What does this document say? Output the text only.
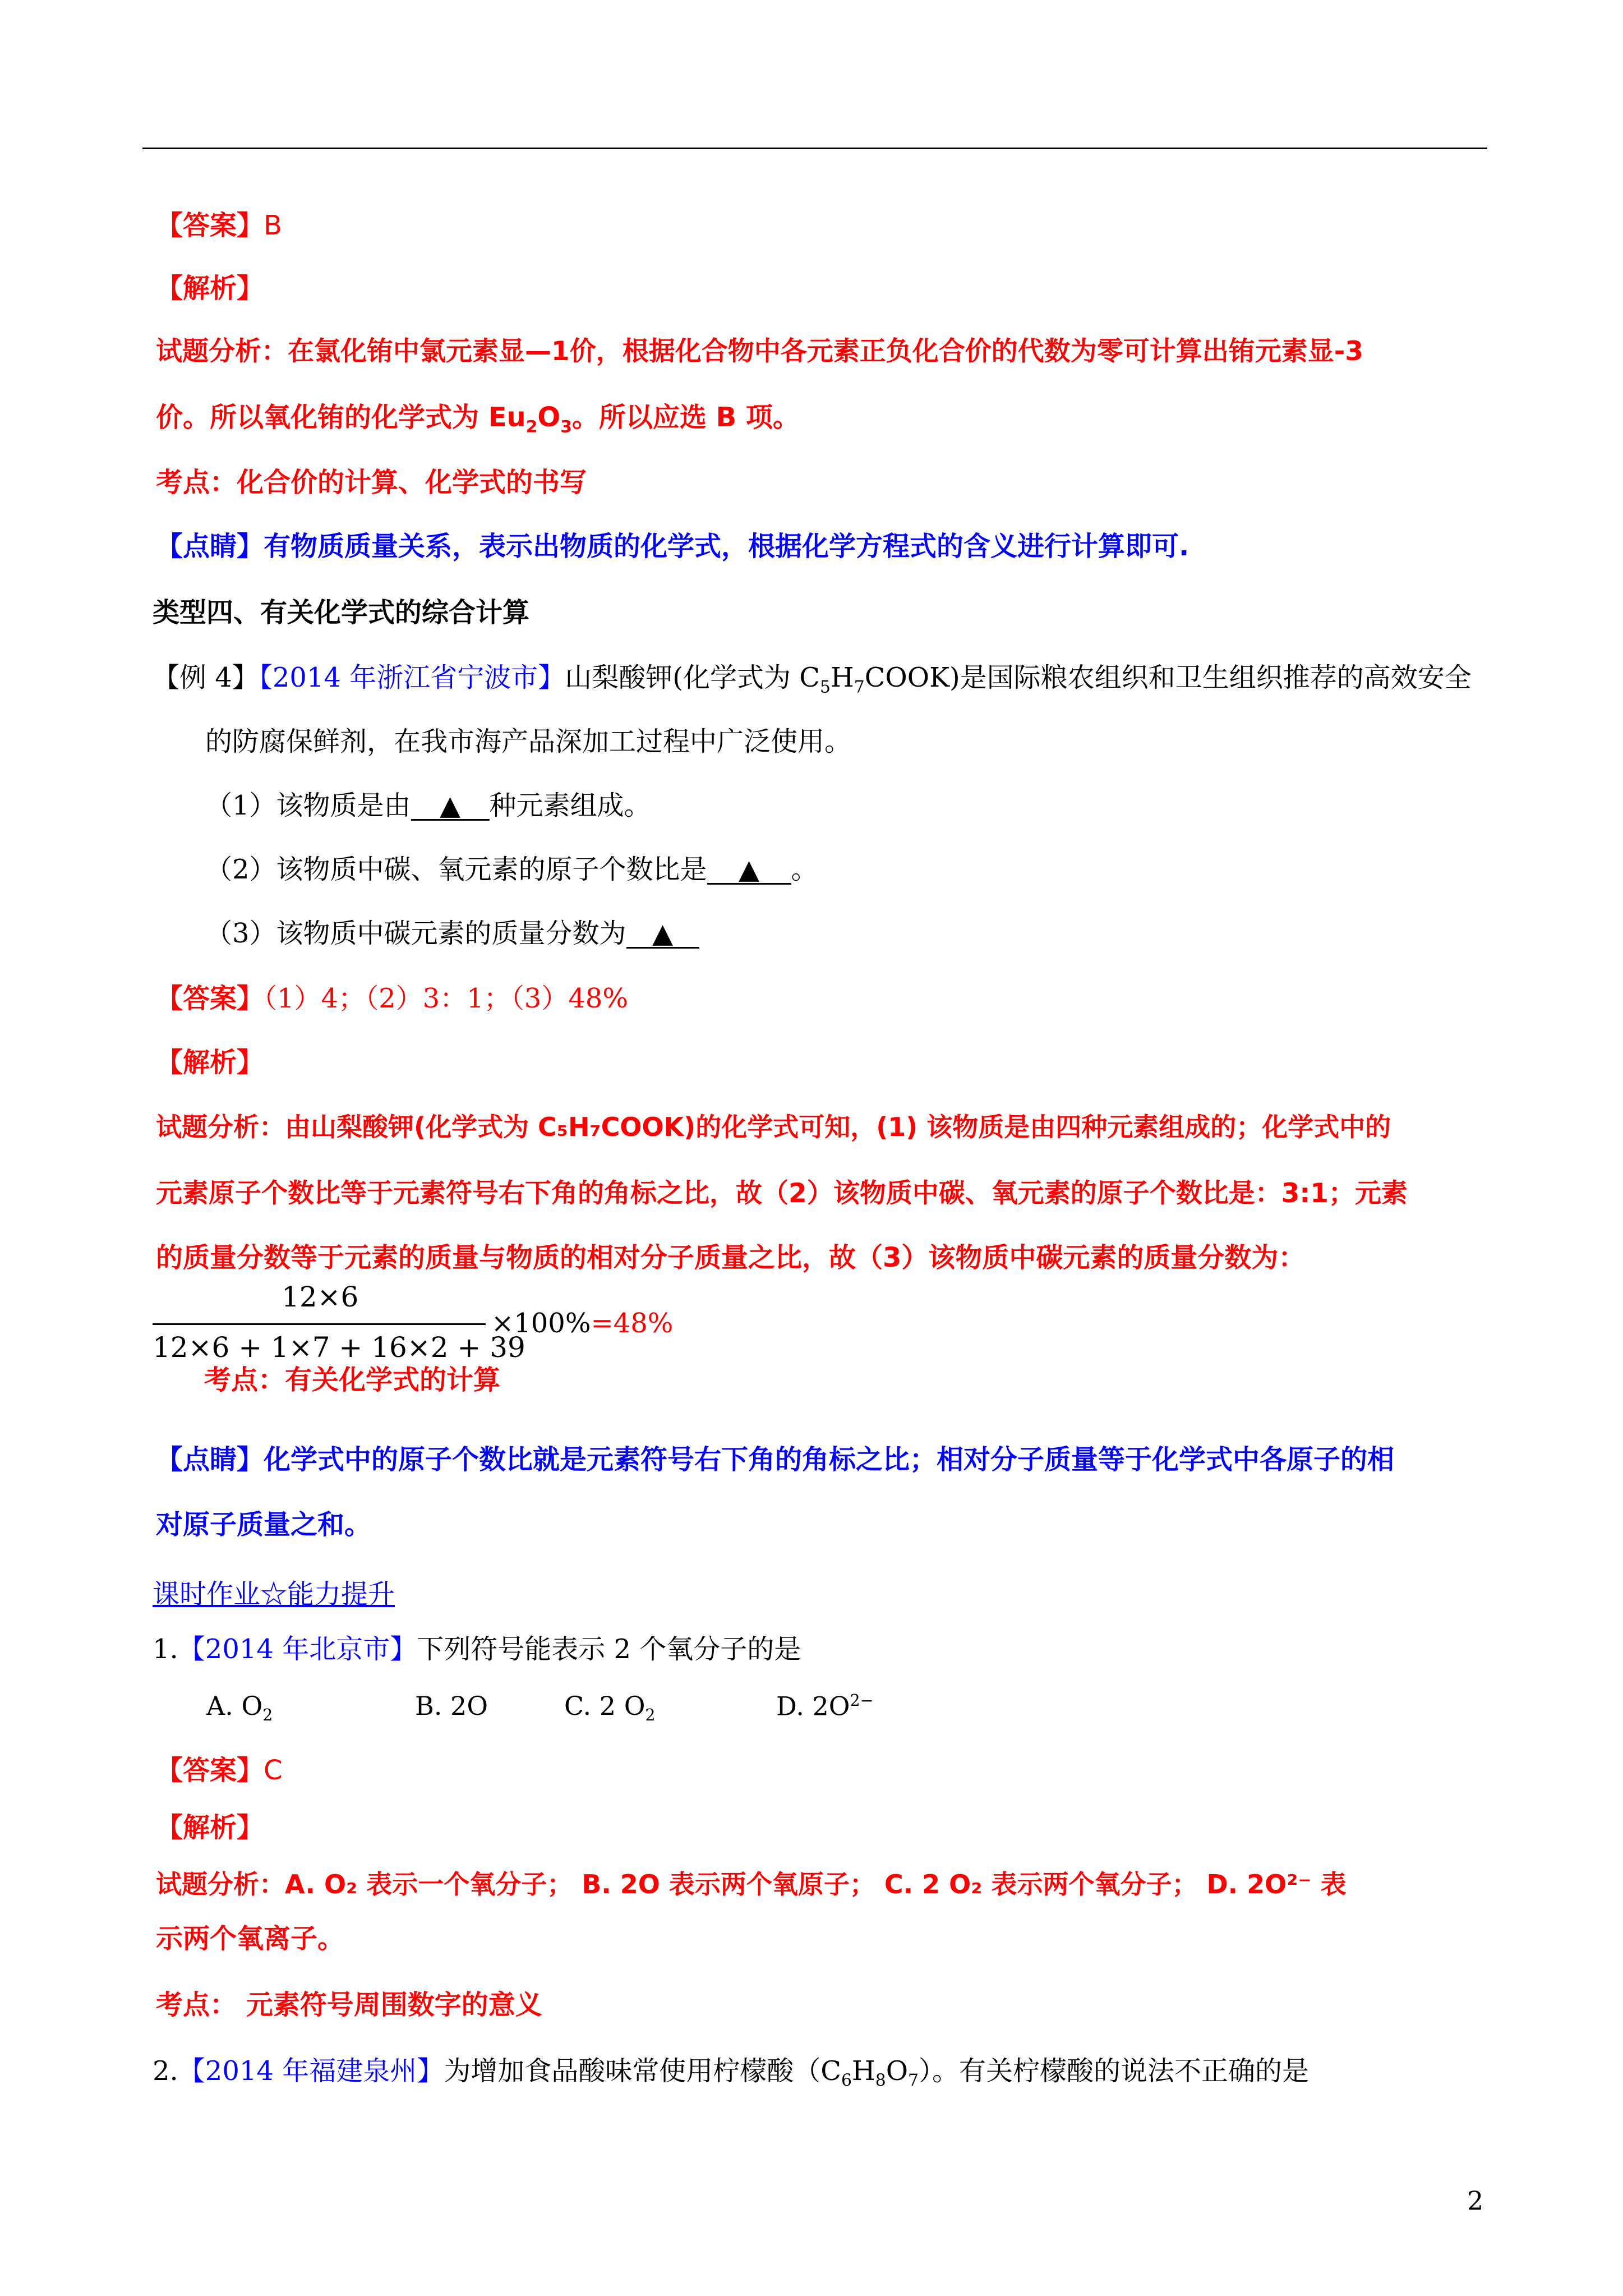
【答案】B
【解析】
试题分析：在氯化铕中氯元素显—1价，根据化合物中各元素正负化合价的代数为零可计算出铕元素显-3
价。所以氧化铕的化学式为 $Eu_2O_3$。所以应选 B 项。
考点：化合价的计算、化学式的书写
【点睛】有物质质量关系，表示出物质的化学式，根据化学方程式的含义进行计算即可.
类型四、有关化学式的综合计算
【例 4】【2014 年浙江省宁波市】山梨酸钾(化学式为 $C_5H_7COOK$)是国际粮农组织和卫生组织推荐的高效安全
的防腐保鲜剂，在我市海产品深加工过程中广泛使用。
（1）该物质是由 ▲ 种元素组成。
（2）该物质中碳、氧元素的原子个数比是 ▲ 。
（3）该物质中碳元素的质量分数为 ▲
【答案】（1）4；（2）3：1；（3）48%
【解析】
试题分析：由山梨酸钾(化学式为 C₅H₇COOK)的化学式可知，(1) 该物质是由四种元素组成的；化学式中的
元素原子个数比等于元素符号右下角的角标之比，故（2）该物质中碳、氧元素的原子个数比是：3:1；元素
的质量分数等于元素的质量与物质的相对分子质量之比，故（3）该物质中碳元素的质量分数为：
12×6
12×6 + 1×7 + 16×2 + 39
×100%=48%
考点：有关化学式的计算
【点睛】化学式中的原子个数比就是元素符号右下角的角标之比；相对分子质量等于化学式中各原子的相
对原子质量之和。
课时作业☆能力提升
1.【2014 年北京市】下列符号能表示 2 个氧分子的是
A. $O_2$	B. 2O	C. 2 $O_2$	D. $2O^{2-}$
【答案】C
【解析】
试题分析：A. O₂ 表示一个氧分子； B. 2O 表示两个氧原子； C. 2 O₂ 表示两个氧分子； D. 2O²⁻ 表
示两个氧离子。
考点： 元素符号周围数字的意义
2.【2014 年福建泉州】为增加食品酸味常使用柠檬酸$(C_6H_8O_7)$。有关柠檬酸的说法不正确的是
2
